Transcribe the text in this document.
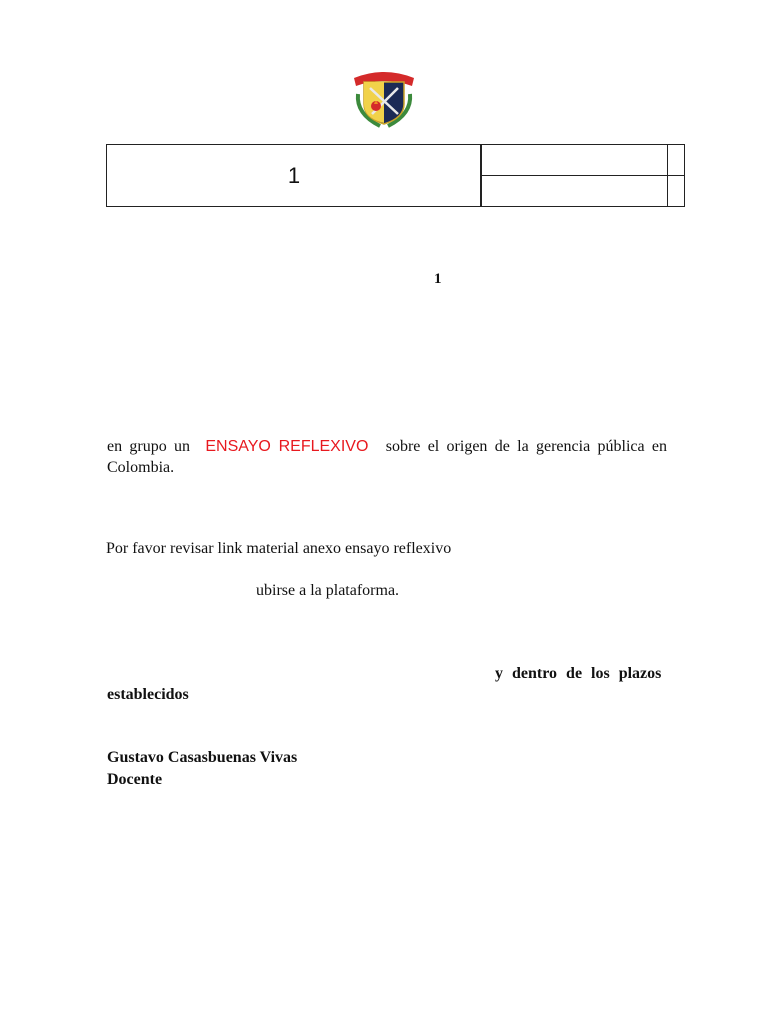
1
1
en grupo un ENSAYO REFLEXIVO sobre el origen de la gerencia pública en Colombia.
Por favor revisar link material anexo ensayo reflexivo
ubirse a la plataforma.
y dentro de los plazos
establecidos
Gustavo Casasbuenas Vivas
Docente
